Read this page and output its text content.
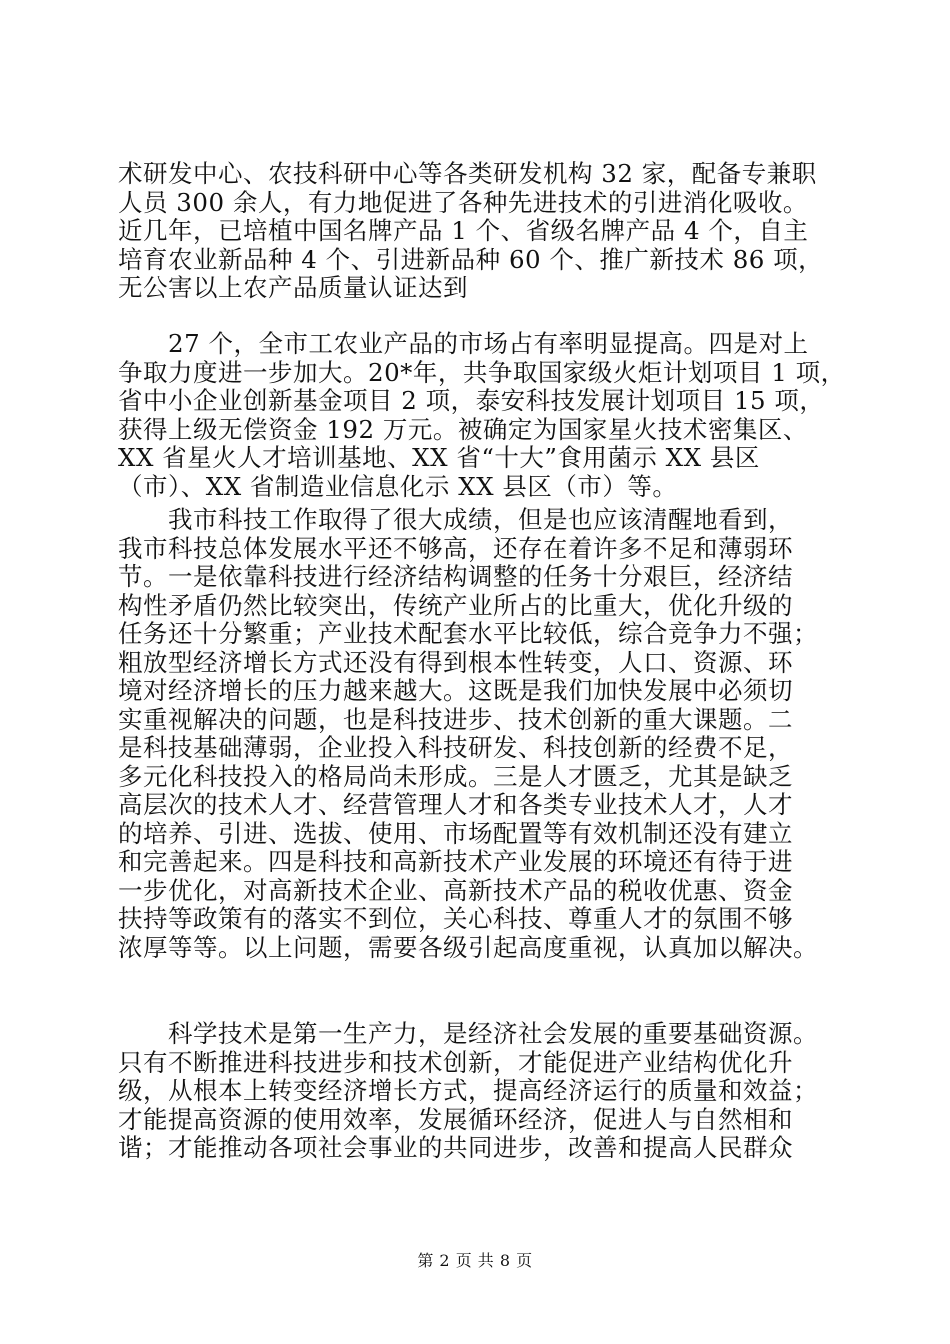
术研发中心、农技科研中心等各类研发机构 32 家，配备专兼职
人员 300 余人，有力地促进了各种先进技术的引进消化吸收。
近几年，已培植中国名牌产品 1 个、省级名牌产品 4 个，自主
培育农业新品种 4 个、引进新品种 60 个、推广新技术 86 项，
无公害以上农产品质量认证达到
　　27 个，全市工农业产品的市场占有率明显提高。四是对上
争取力度进一步加大。20*年，共争取国家级火炬计划项目 1 项，
省中小企业创新基金项目 2 项，泰安科技发展计划项目 15 项，
获得上级无偿资金 192 万元。被确定为国家星火技术密集区、
XX 省星火人才培训基地、XX 省“十大”食用菌示 XX 县区
（市）、XX 省制造业信息化示 XX 县区（市）等。
　　我市科技工作取得了很大成绩，但是也应该清醒地看到，
我市科技总体发展水平还不够高，还存在着许多不足和薄弱环
节。一是依靠科技进行经济结构调整的任务十分艰巨，经济结
构性矛盾仍然比较突出，传统产业所占的比重大，优化升级的
任务还十分繁重；产业技术配套水平比较低，综合竞争力不强；
粗放型经济增长方式还没有得到根本性转变，人口、资源、环
境对经济增长的压力越来越大。这既是我们加快发展中必须切
实重视解决的问题，也是科技进步、技术创新的重大课题。二
是科技基础薄弱，企业投入科技研发、科技创新的经费不足，
多元化科技投入的格局尚未形成。三是人才匮乏，尤其是缺乏
高层次的技术人才、经营管理人才和各类专业技术人才，人才
的培养、引进、选拔、使用、市场配置等有效机制还没有建立
和完善起来。四是科技和高新技术产业发展的环境还有待于进
一步优化，对高新技术企业、高新技术产品的税收优惠、资金
扶持等政策有的落实不到位，关心科技、尊重人才的氛围不够
浓厚等等。以上问题，需要各级引起高度重视，认真加以解决。
　　科学技术是第一生产力，是经济社会发展的重要基础资源。
只有不断推进科技进步和技术创新，才能促进产业结构优化升
级，从根本上转变经济增长方式，提高经济运行的质量和效益；
才能提高资源的使用效率，发展循环经济，促进人与自然相和
谐；才能推动各项社会事业的共同进步，改善和提高人民群众
第 2 页 共 8 页
